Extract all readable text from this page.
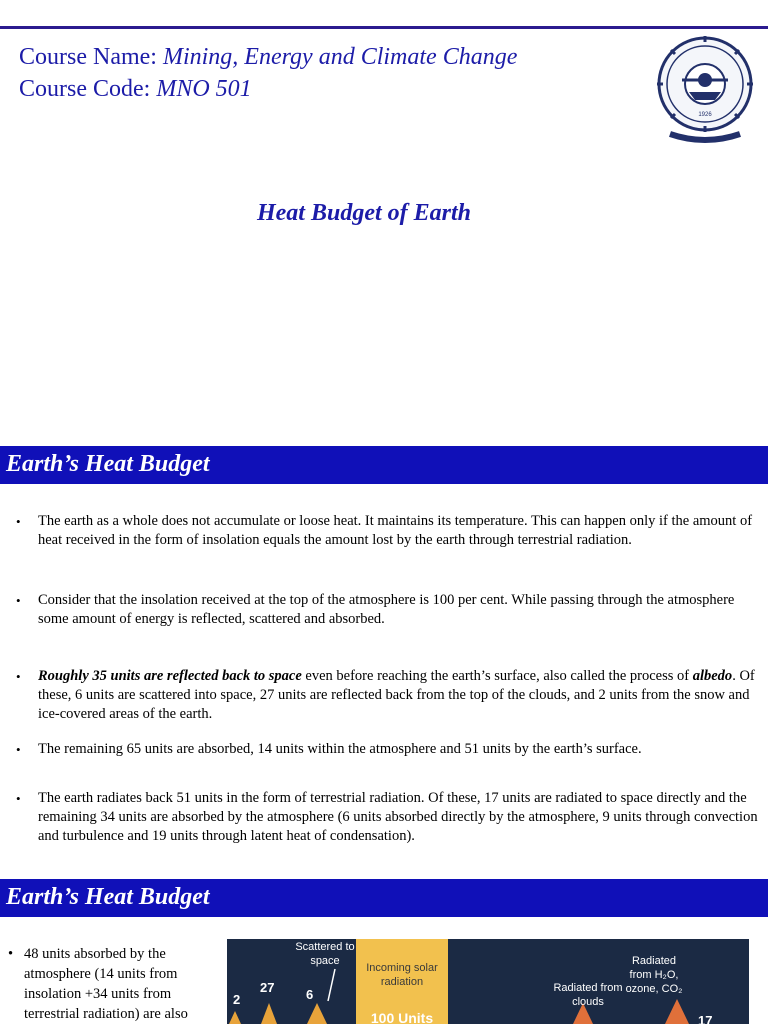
Course Name: Mining, Energy and Climate Change
Course Code: MNO 501
1926
Heat Budget of Earth
Earth’s Heat Budget
• The earth as a whole does not accumulate or loose heat. It maintains its temperature. This can happen only if the amount of heat received in the form of insolation equals the amount lost by the earth through terrestrial radiation.
• Consider that the insolation received at the top of the atmosphere is 100 per cent. While passing through the atmosphere some amount of energy is reflected, scattered and absorbed.
• Roughly 35 units are reflected back to space even before reaching the earth’s surface, also called the process of albedo. Of these, 6 units are scattered into space, 27 units are reflected back from the top of the clouds, and 2 units from the snow and ice-covered areas of the earth.
• The remaining 65 units are absorbed, 14 units within the atmosphere and 51 units by the earth’s surface.
• The earth radiates back 51 units in the form of terrestrial radiation. Of these, 17 units are radiated to space directly and the remaining 34 units are absorbed by the atmosphere (6 units absorbed directly by the atmosphere, 9 units through convection and turbulence and 19 units through latent heat of condensation).
Earth’s Heat Budget
• 48 units absorbed by the atmosphere (14 units from insolation +34 units from terrestrial radiation) are also
Scattered to space
Incoming solar radiation
100 Units
Radiated from clouds
Radiated from H₂O, ozone, CO₂
2
27 6
17
